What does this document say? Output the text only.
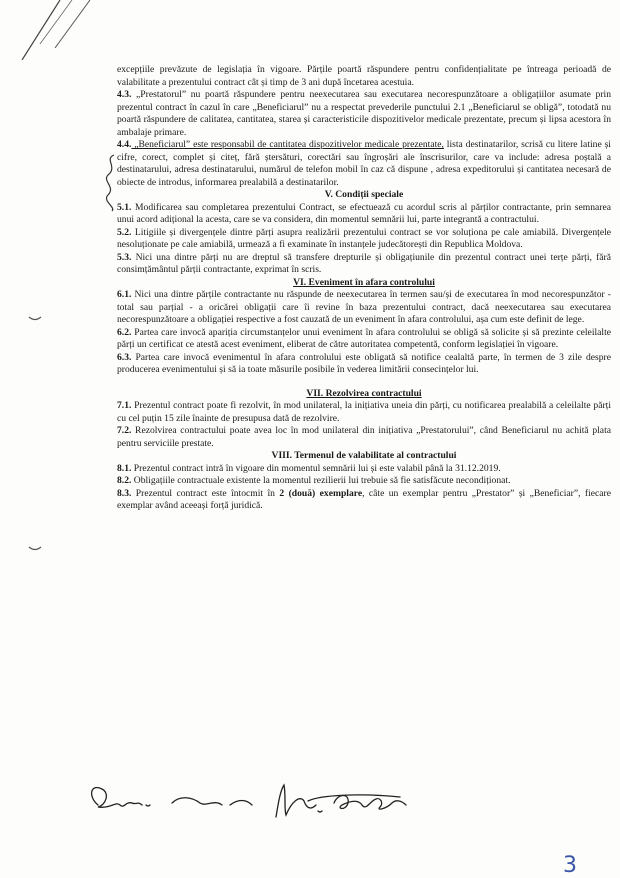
excepțiile prevăzute de legislația în vigoare. Părțile poartă răspundere pentru confidențialitate pe întreaga perioadă de valabilitate a prezentului contract cât și timp de 3 ani după încetarea acestuia.

4.3. „Prestatorul” nu poartă răspundere pentru neexecutarea sau executarea necorespunzătoare a obligațiilor asumate prin prezentul contract în cazul în care „Beneficiarul” nu a respectat prevederile punctului 2.1 „Beneficiarul se obligă”, totodată nu poartă răspundere de calitatea, cantitatea, starea și caracteristicile dispozitivelor medicale prezentate, precum și lipsa acestora în ambalaje primare.

4.4. „Beneficiarul” este responsabil de cantitatea dispozitivelor medicale prezentate, lista destinatarilor, scrisă cu litere latine și cifre, corect, complet și citeț, fără ștersături, corectări sau îngroșări ale înscrisurilor, care va include: adresa poștală a destinatarului, adresa destinatarului, numărul de telefon mobil în caz că dispune , adresa expeditorului și cantitatea necesară de obiecte de introdus, informarea prealabilă a destinatarilor.

V. Condiții speciale

5.1. Modificarea sau completarea prezentului Contract, se efectuează cu acordul scris al părților contractante, prin semnarea unui acord adițional la acesta, care se va considera, din momentul semnării lui, parte integrantă a contractului.

5.2. Litigiile și divergențele dintre părți asupra realizării prezentului contract se vor soluționa pe cale amiabilă. Divergențele nesoluționate pe cale amiabilă, urmează a fi examinate în instanțele judecătorești din Republica Moldova.

5.3. Nici una dintre părți nu are dreptul să transfere drepturile și obligațiunile din prezentul contract unei terțe părți, fără consimțământul părții contractante, exprimat în scris.

VI. Eveniment în afara controlului

6.1. Nici una dintre părțile contractante nu răspunde de neexecutarea în termen sau/și de executarea în mod necorespunzător - total sau parțial - a oricărei obligații care îi revine în baza prezentului contract, dacă neexecutarea sau executarea necorespunzătoare a obligației respective a fost cauzată de un eveniment în afara controlului, așa cum este definit de lege.

6.2. Partea care invocă apariția circumstanțelor unui eveniment în afara controlului se obligă să solicite și să prezinte celeilalte părți un certificat ce atestă acest eveniment, eliberat de către autoritatea competentă, conform legislației în vigoare.

6.3. Partea care invocă evenimentul în afara controlului este obligată să notifice cealaltă parte, în termen de 3 zile despre producerea evenimentului și să ia toate măsurile posibile în vederea limitării consecințelor lui.

VII. Rezolvirea contractului

7.1. Prezentul contract poate fi rezolvit, în mod unilateral, la inițiativa uneia din părți, cu notificarea prealabilă a celeilalte părți cu cel puțin 15 zile înainte de presupusa dată de rezolvire.

7.2. Rezolvirea contractului poate avea loc în mod unilateral din inițiativa „Prestatorului”, când Beneficiarul nu achită plata pentru serviciile prestate.

VIII. Termenul de valabilitate al contractului

8.1. Prezentul contract intră în vigoare din momentul semnării lui și este valabil până la 31.12.2019.

8.2. Obligațiile contractuale existente la momentul rezilierii lui trebuie să fie satisfăcute necondiționat.

8.3. Prezentul contract este întocmit în 2 (două) exemplare, câte un exemplar pentru „Prestator” și „Beneficiar”, fiecare exemplar având aceeași forță juridică.

3
